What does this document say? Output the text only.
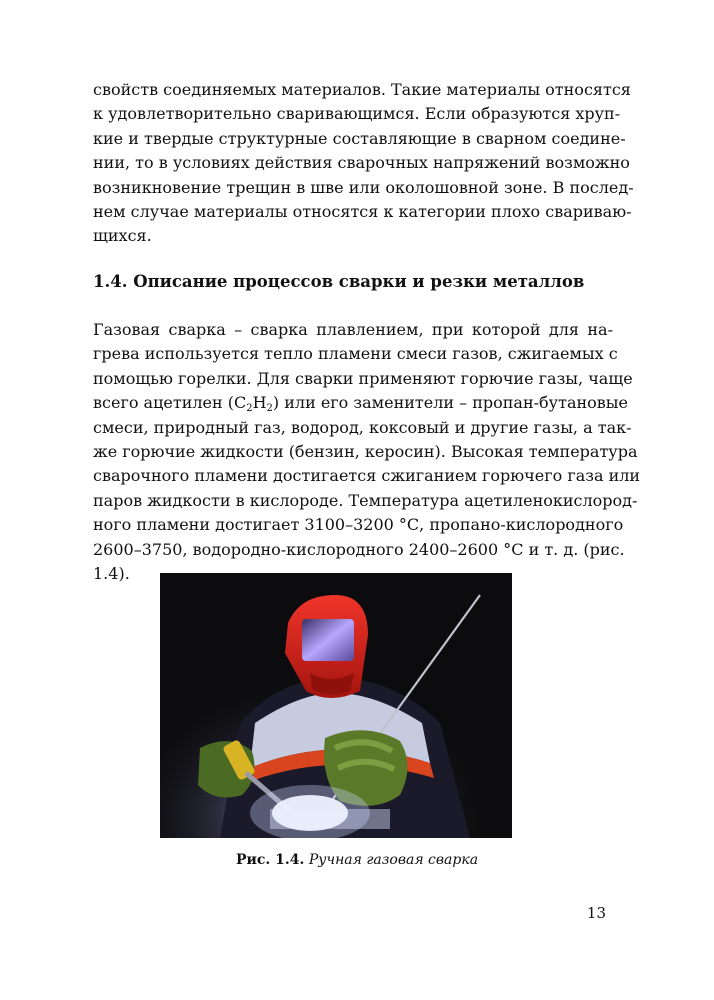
свойств соединяемых материалов. Такие материалы относятся
к удовлетворительно сваривающимся. Если образуются хруп-
кие и твердые структурные составляющие в сварном соедине-
нии, то в условиях действия сварочных напряжений возможно
возникновение трещин в шве или околошовной зоне. В послед-
нем случае материалы относятся к категории плохо свариваю-
щихся.
1.4. Описание процессов сварки и резки металлов
Газовая сварка – сварка плавлением, при которой для на-
грева используется тепло пламени смеси газов, сжигаемых с
помощью горелки. Для сварки применяют горючие газы, чаще
всего ацетилен $(C_2H_2)$ или его заменители – пропан-бутановые
смеси, природный газ, водород, коксовый и другие газы, а так-
же горючие жидкости (бензин, керосин). Высокая температура
сварочного пламени достигается сжиганием горючего газа или
паров жидкости в кислороде. Температура ацетиленокислород-
ного пламени достигает 3100–3200 °С, пропано-кислородного
2600–3750, водородно-кислородного 2400–2600 °С и т. д. (рис.
1.4).
Рис. 1.4. Ручная газовая сварка
13
